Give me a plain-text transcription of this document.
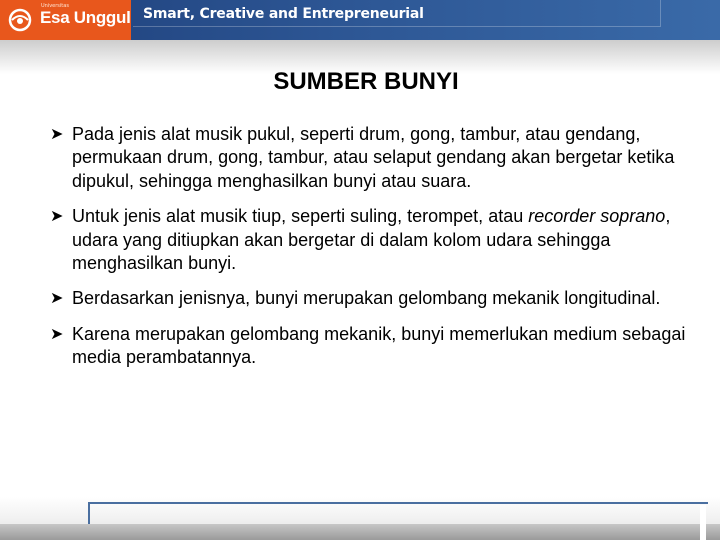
Universitas
Esa Unggul Smart, Creative and Entrepreneurial
SUMBER BUNYI
➤ Pada jenis alat musik pukul, seperti drum, gong, tambur, atau gendang, permukaan drum, gong, tambur, atau selaput gendang akan bergetar ketika dipukul, sehingga menghasilkan bunyi atau suara.
➤ Untuk jenis alat musik tiup, seperti suling, terompet, atau recorder soprano, udara yang ditiupkan akan bergetar di dalam kolom udara sehingga menghasilkan bunyi.
➤ Berdasarkan jenisnya, bunyi merupakan gelombang mekanik longitudinal.
➤ Karena merupakan gelombang mekanik, bunyi memerlukan medium sebagai media perambatannya.
